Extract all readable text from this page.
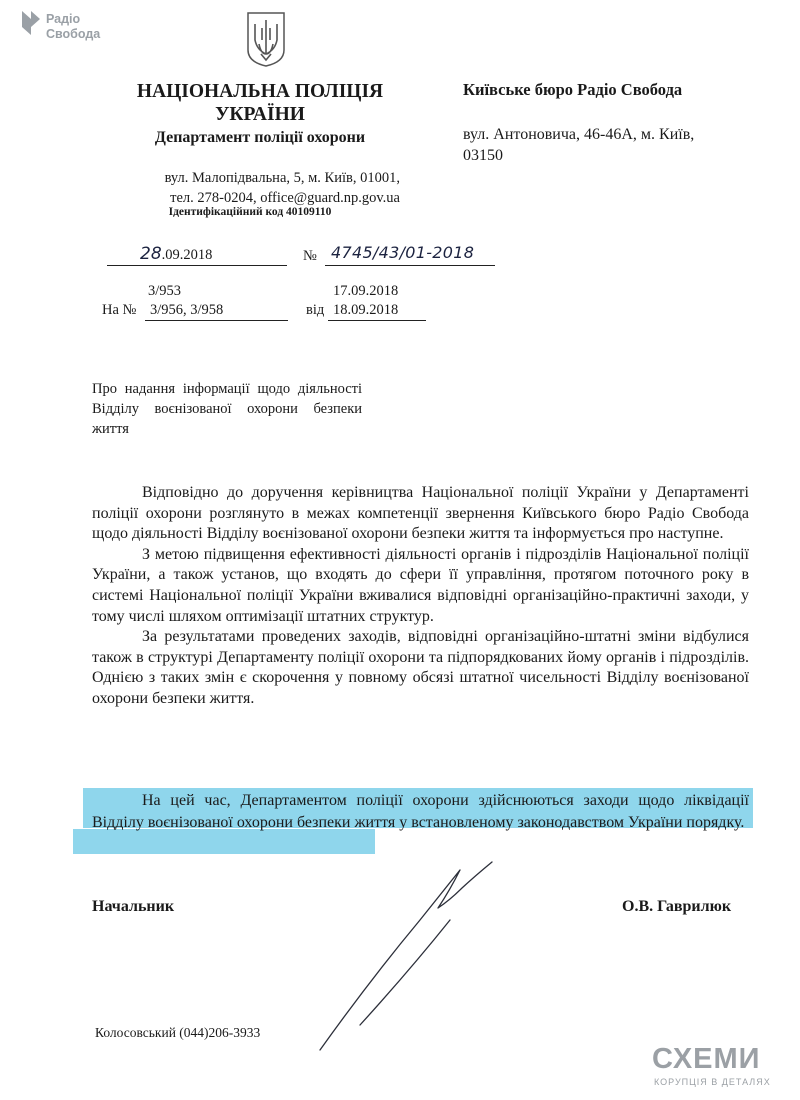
Радіо
Свобода
НАЦІОНАЛЬНА ПОЛІЦІЯ
УКРАЇНИ
Департамент поліції охорони
вул. Малопідвальна, 5, м. Київ, 01001,
тел. 278-0204, office@guard.np.gov.ua
Ідентифікаційний код 40109110
Київське бюро Радіо Свобода
вул. Антоновича, 46-46А, м. Київ,
03150
28.09.2018	№ 4745/43/01-2018
3/953	17.09.2018
На № 3/956, 3/958	від 18.09.2018
Про надання інформації щодо діяльності Відділу воєнізованої охорони безпеки життя

Відповідно до доручення керівництва Національної поліції України у Департаменті поліції охорони розглянуто в межах компетенції звернення Київського бюро Радіо Свобода щодо діяльності Відділу воєнізованої охорони безпеки життя та інформується про наступне.

З метою підвищення ефективності діяльності органів і підрозділів Національної поліції України, а також установ, що входять до сфери її управління, протягом поточного року в системі Національної поліції України вживалися відповідні організаційно-практичні заходи, у тому числі шляхом оптимізації штатних структур.

За результатами проведених заходів, відповідні організаційно-штатні зміни відбулися також в структурі Департаменту поліції охорони та підпорядкованих йому органів і підрозділів. Однією з таких змін є скорочення у повному обсязі штатної чисельності Відділу воєнізованої охорони безпеки життя.

На цей час, Департаментом поліції охорони здійснюються заходи щодо ліквідації Відділу воєнізованої охорони безпеки життя у встановленому законодавством України порядку.

Начальник	О.В. Гаврилюк
Колосовський (044)206-3933
СХЕМИ
КОРУПЦІЯ В ДЕТАЛЯХ
